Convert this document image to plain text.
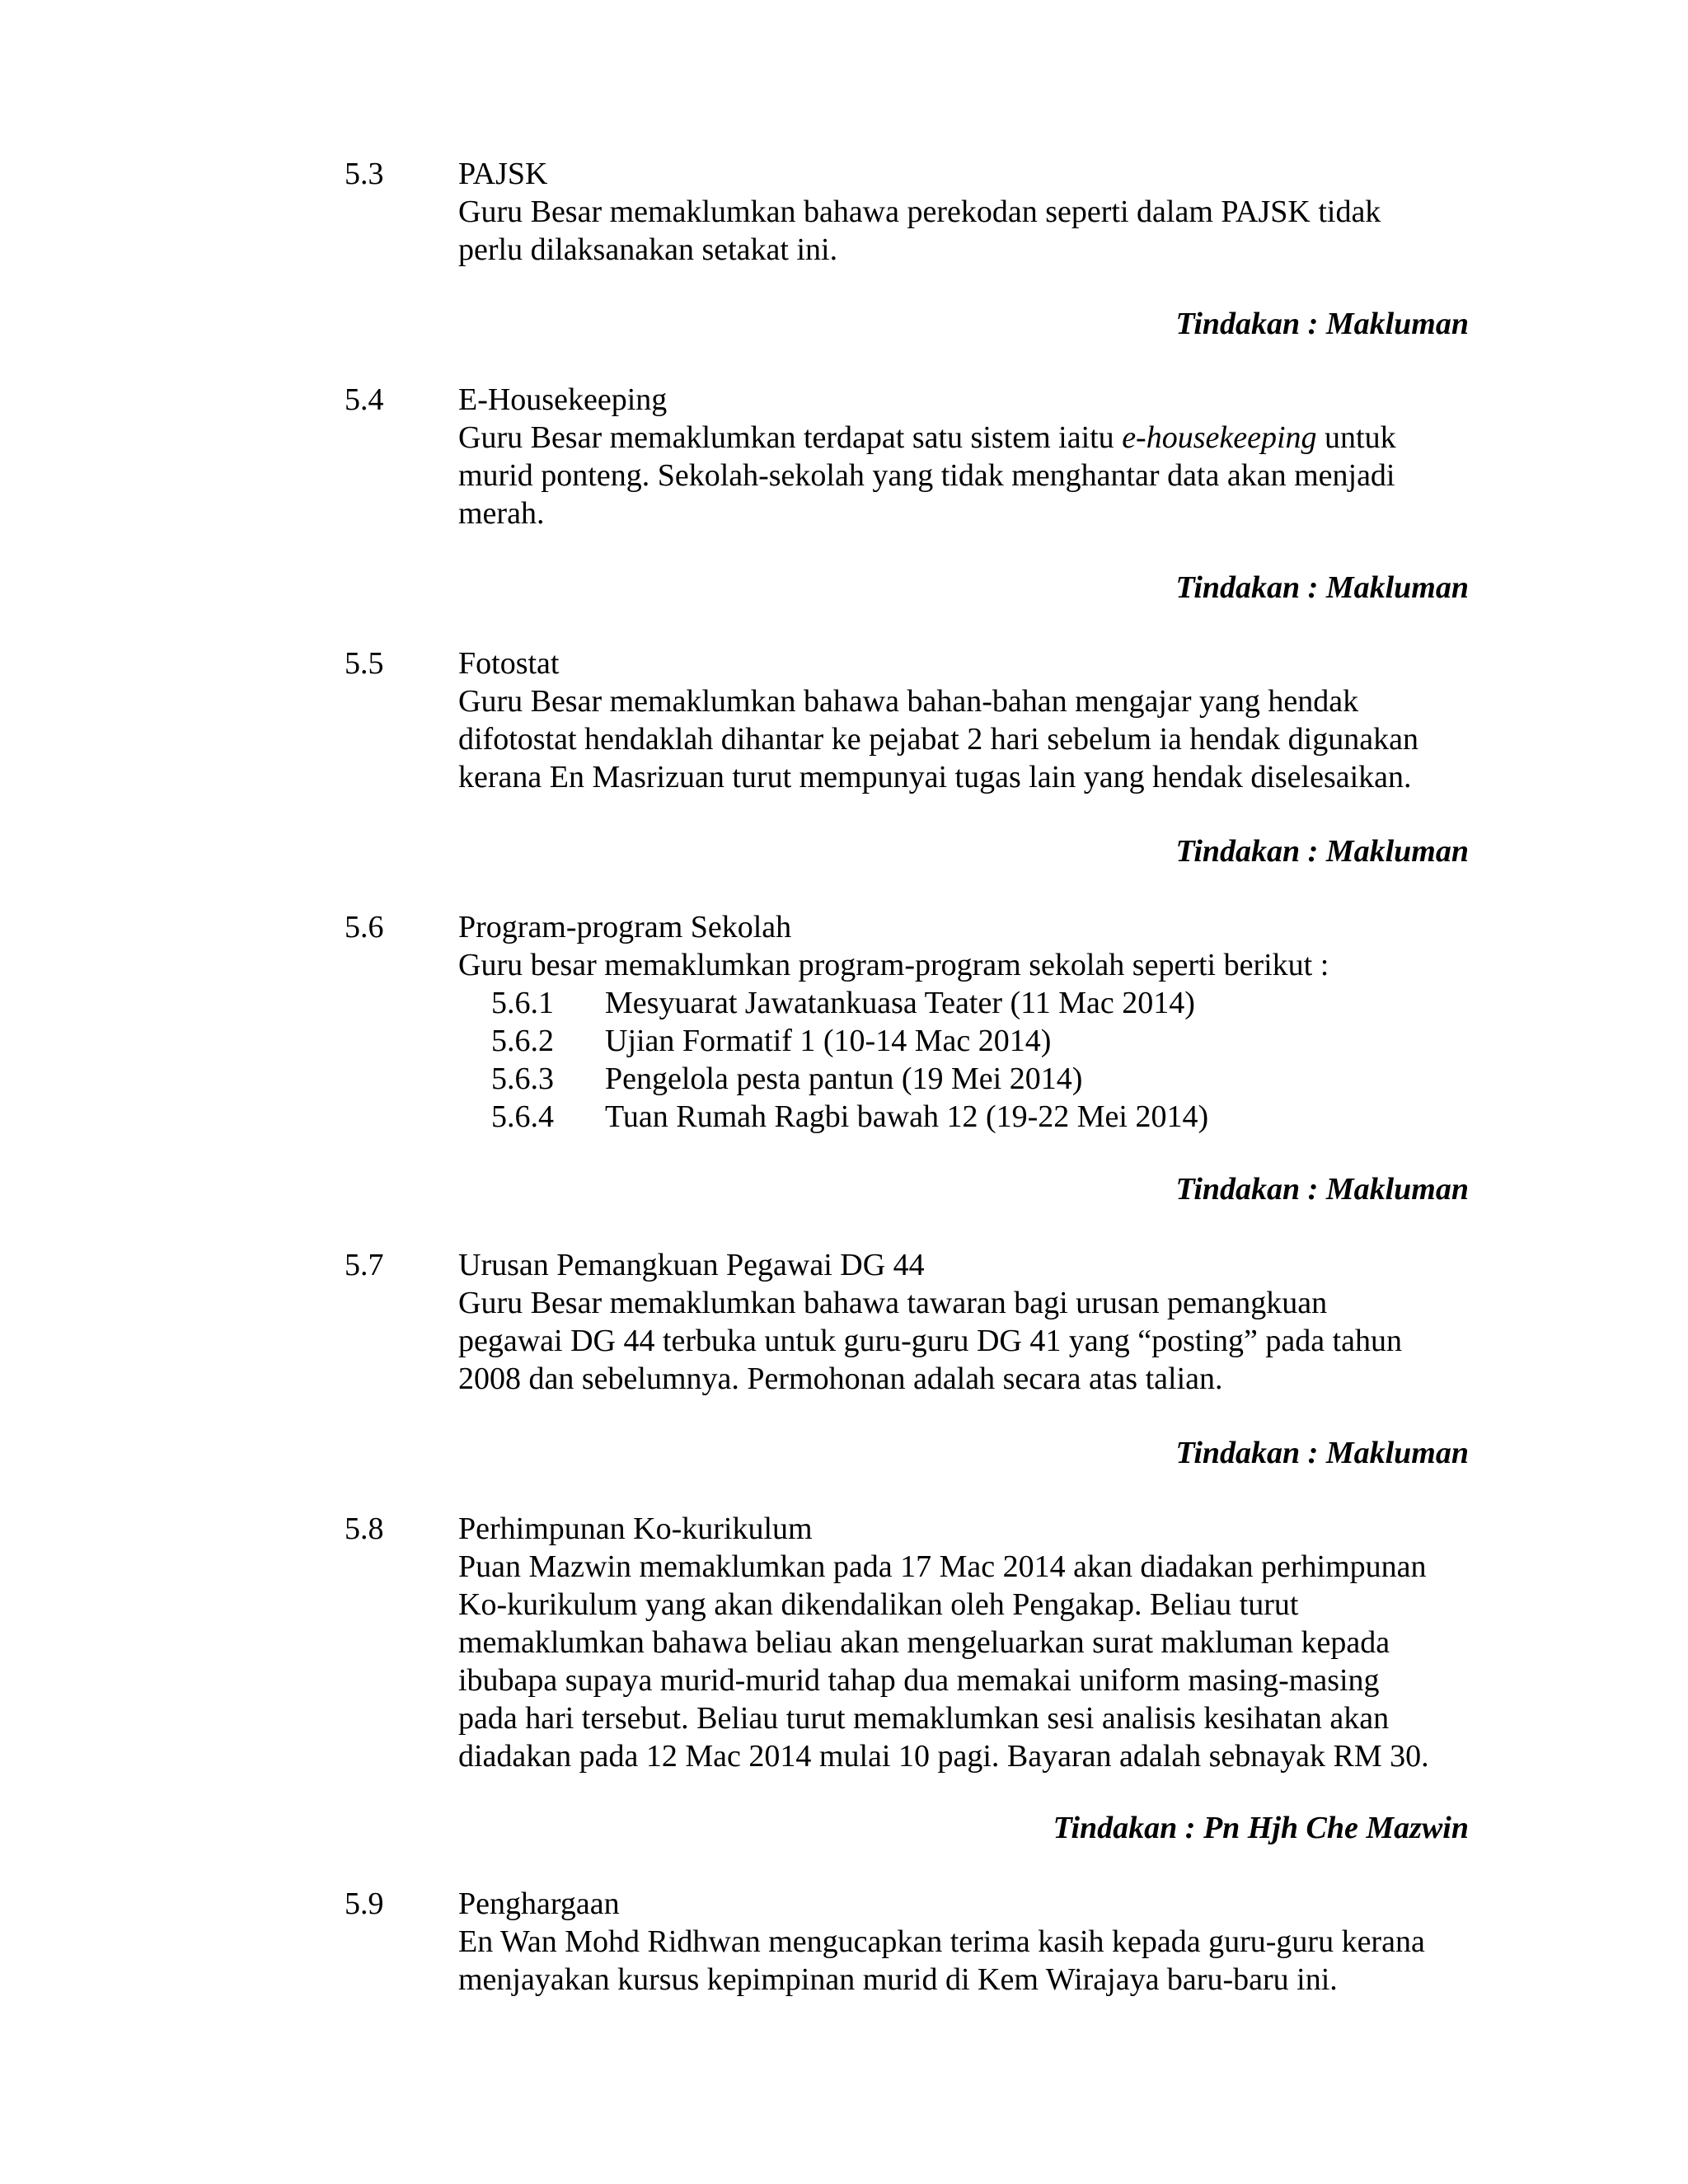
5.3 PAJSK

Guru Besar memaklumkan bahawa perekodan seperti dalam PAJSK tidak

perlu dilaksanakan setakat ini.

Tindakan : Makluman

5.4 E-Housekeeping

Guru Besar memaklumkan terdapat satu sistem iaitu e-housekeeping untuk

murid ponteng. Sekolah-sekolah yang tidak menghantar data akan menjadi

merah.

Tindakan : Makluman

5.5 Fotostat

Guru Besar memaklumkan bahawa bahan-bahan mengajar yang hendak

difotostat hendaklah dihantar ke pejabat 2 hari sebelum ia hendak digunakan

kerana En Masrizuan turut mempunyai tugas lain yang hendak diselesaikan.

Tindakan : Makluman

5.6 Program-program Sekolah

Guru besar memaklumkan program-program sekolah seperti berikut :

5.6.1 Mesyuarat Jawatankuasa Teater (11 Mac 2014)
5.6.2 Ujian Formatif 1 (10-14 Mac 2014)
5.6.3 Pengelola pesta pantun (19 Mei 2014)
5.6.4 Tuan Rumah Ragbi bawah 12 (19-22 Mei 2014)

Tindakan : Makluman

5.7 Urusan Pemangkuan Pegawai DG 44

Guru Besar memaklumkan bahawa tawaran bagi urusan pemangkuan

pegawai DG 44 terbuka untuk guru-guru DG 41 yang “posting” pada tahun

2008 dan sebelumnya. Permohonan adalah secara atas talian.

Tindakan : Makluman

5.8 Perhimpunan Ko-kurikulum

Puan Mazwin memaklumkan pada 17 Mac 2014 akan diadakan perhimpunan

Ko-kurikulum yang akan dikendalikan oleh Pengakap. Beliau turut

memaklumkan bahawa beliau akan mengeluarkan surat makluman kepada

ibubapa supaya murid-murid tahap dua memakai uniform masing-masing

pada hari tersebut. Beliau turut memaklumkan sesi analisis kesihatan akan

diadakan pada 12 Mac 2014 mulai 10 pagi. Bayaran adalah sebnayak RM 30.

Tindakan : Pn Hjh Che Mazwin

5.9 Penghargaan

En Wan Mohd Ridhwan mengucapkan terima kasih kepada guru-guru kerana

menjayakan kursus kepimpinan murid di Kem Wirajaya baru-baru ini.
